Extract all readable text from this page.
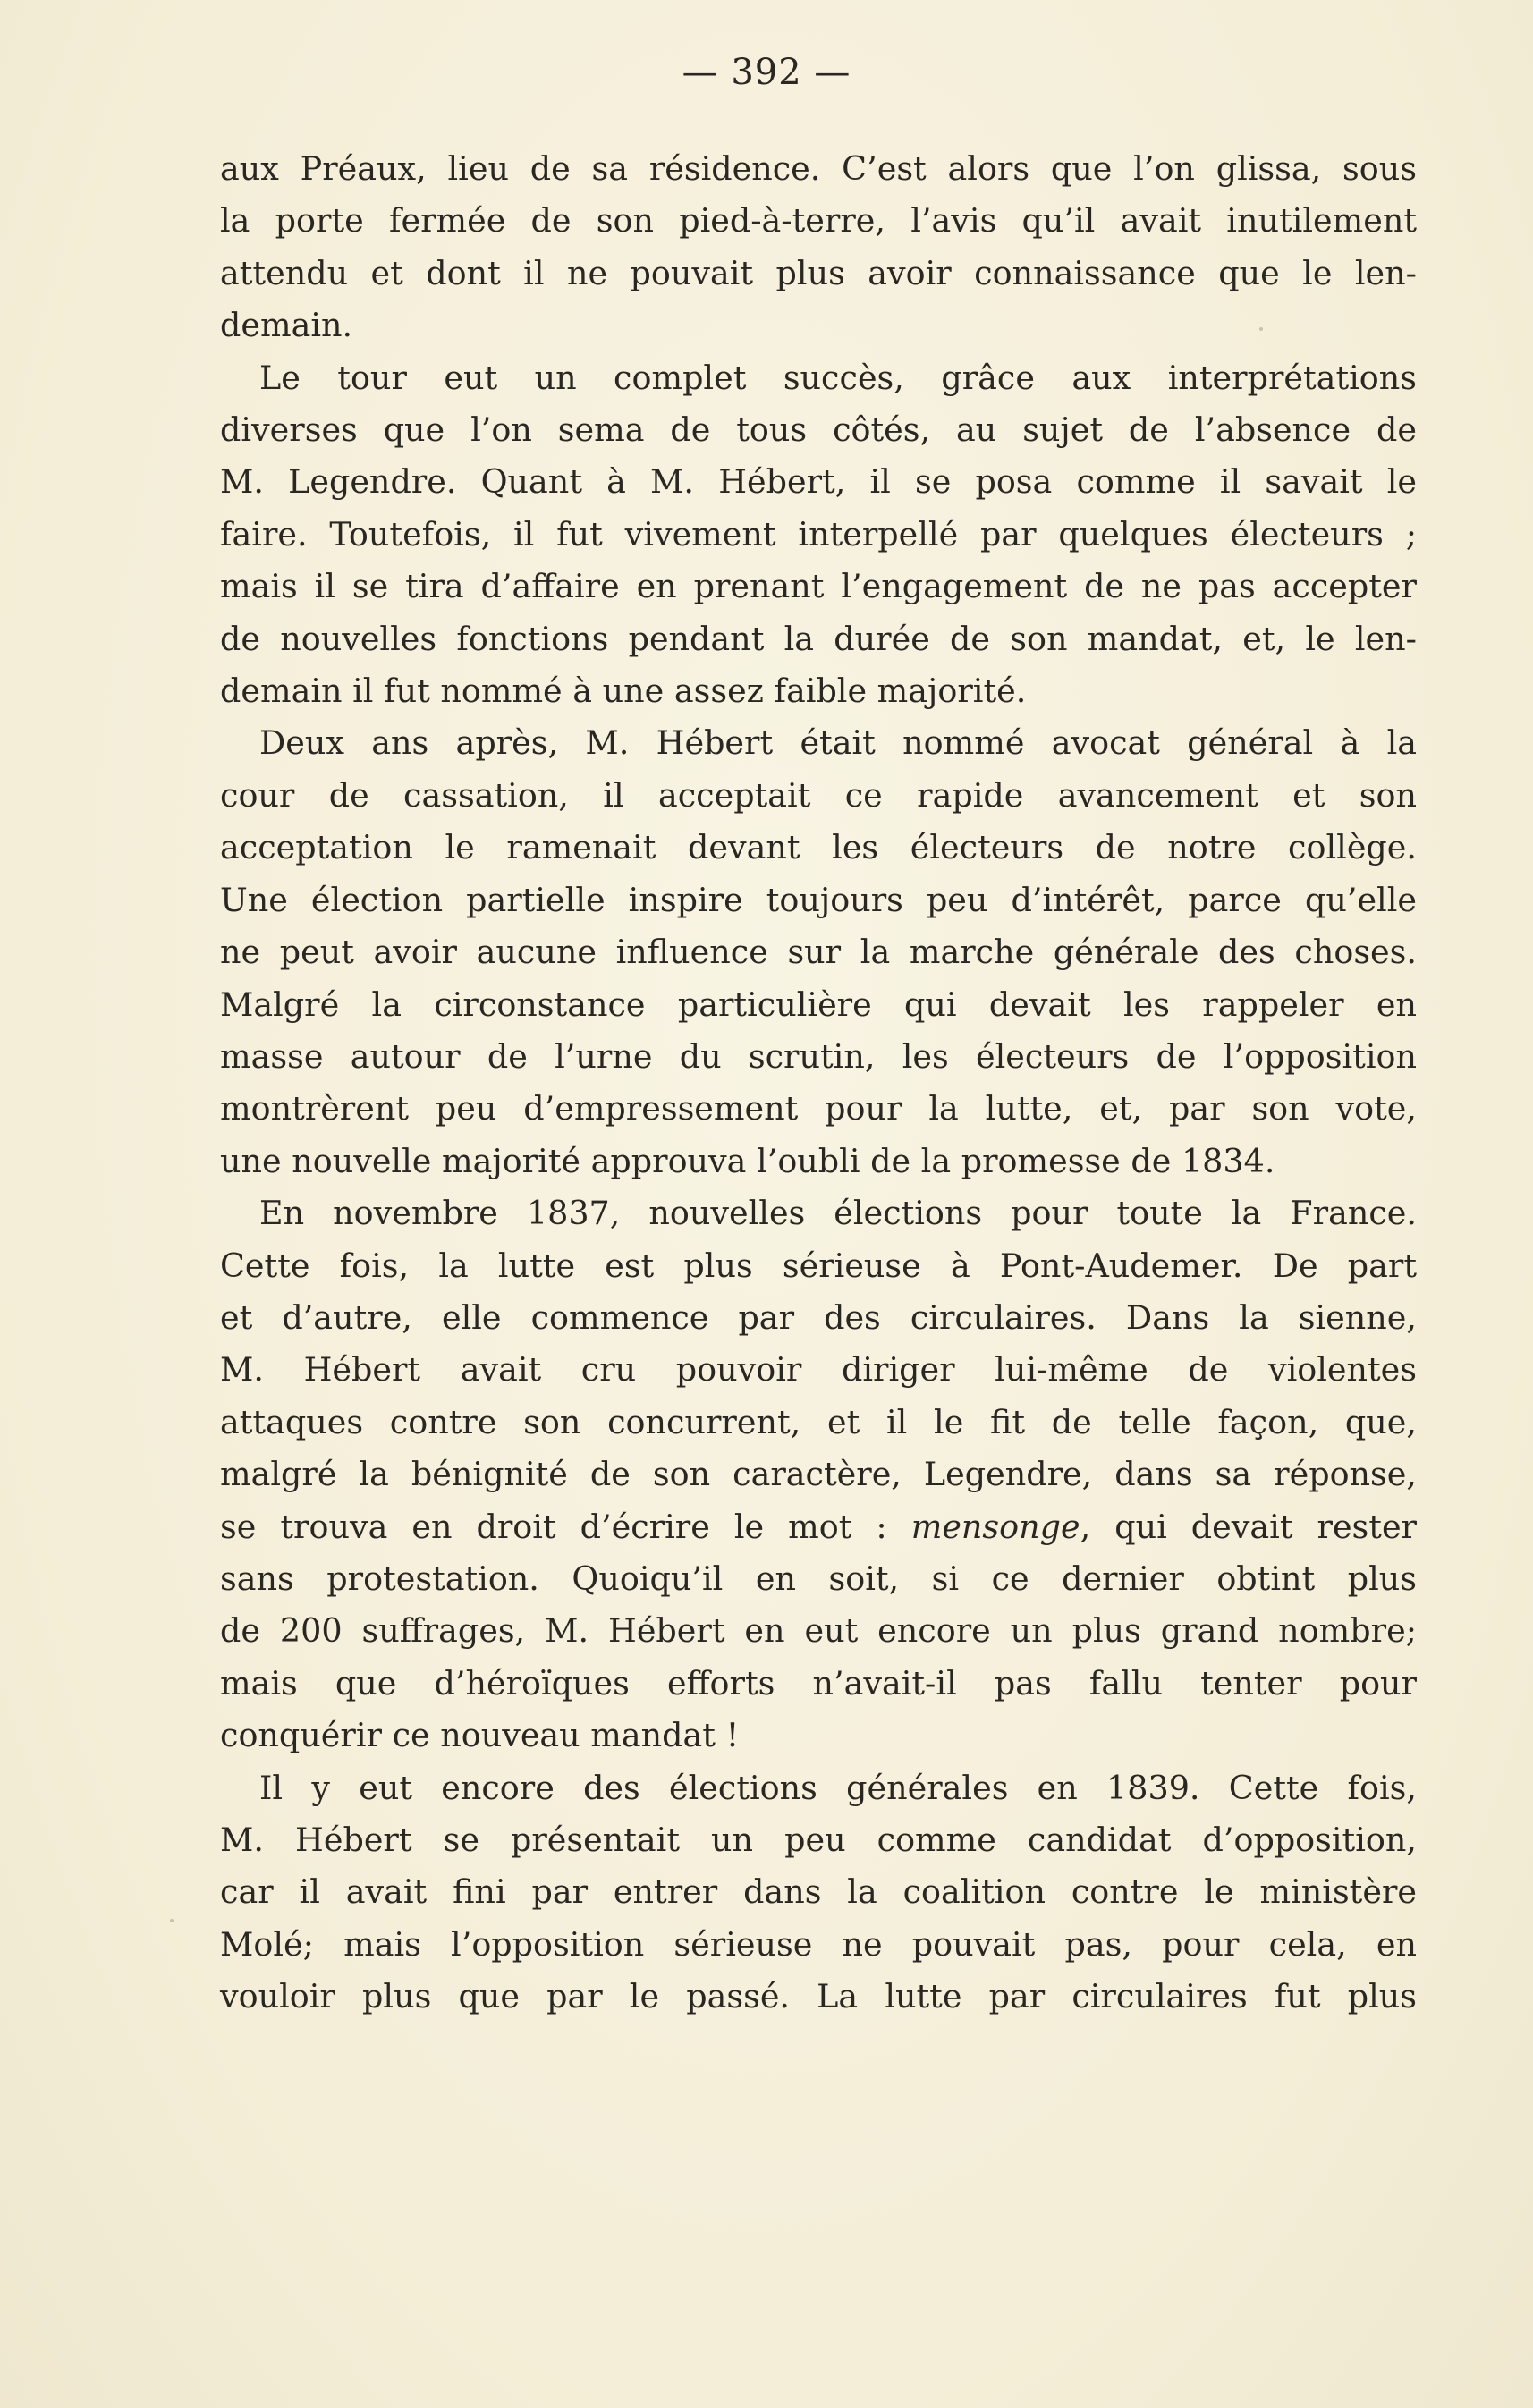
— 392 —
aux Préaux, lieu de sa résidence. C’est alors que l’on glissa, sous
la porte fermée de son pied-à-terre, l’avis qu’il avait inutilement
attendu et dont il ne pouvait plus avoir connaissance que le len-
demain.
Le tour eut un complet succès, grâce aux interprétations
diverses que l’on sema de tous côtés, au sujet de l’absence de
M. Legendre. Quant à M. Hébert, il se posa comme il savait le
faire. Toutefois, il fut vivement interpellé par quelques électeurs ;
mais il se tira d’affaire en prenant l’engagement de ne pas accepter
de nouvelles fonctions pendant la durée de son mandat, et, le len-
demain il fut nommé à une assez faible majorité.
Deux ans après, M. Hébert était nommé avocat général à la
cour de cassation, il acceptait ce rapide avancement et son
acceptation le ramenait devant les électeurs de notre collège.
Une élection partielle inspire toujours peu d’intérêt, parce qu’elle
ne peut avoir aucune influence sur la marche générale des choses.
Malgré la circonstance particulière qui devait les rappeler en
masse autour de l’urne du scrutin, les électeurs de l’opposition
montrèrent peu d’empressement pour la lutte, et, par son vote,
une nouvelle majorité approuva l’oubli de la promesse de 1834.
En novembre 1837, nouvelles élections pour toute la France.
Cette fois, la lutte est plus sérieuse à Pont-Audemer. De part
et d’autre, elle commence par des circulaires. Dans la sienne,
M. Hébert avait cru pouvoir diriger lui-même de violentes
attaques contre son concurrent, et il le fit de telle façon, que,
malgré la bénignité de son caractère, Legendre, dans sa réponse,
se trouva en droit d’écrire le mot : mensonge, qui devait rester
sans protestation. Quoiqu’il en soit, si ce dernier obtint plus
de 200 suffrages, M. Hébert en eut encore un plus grand nombre;
mais que d’héroïques efforts n’avait-il pas fallu tenter pour
conquérir ce nouveau mandat !
Il y eut encore des élections générales en 1839. Cette fois,
M. Hébert se présentait un peu comme candidat d’opposition,
car il avait fini par entrer dans la coalition contre le ministère
Molé; mais l’opposition sérieuse ne pouvait pas, pour cela, en
vouloir plus que par le passé. La lutte par circulaires fut plus
